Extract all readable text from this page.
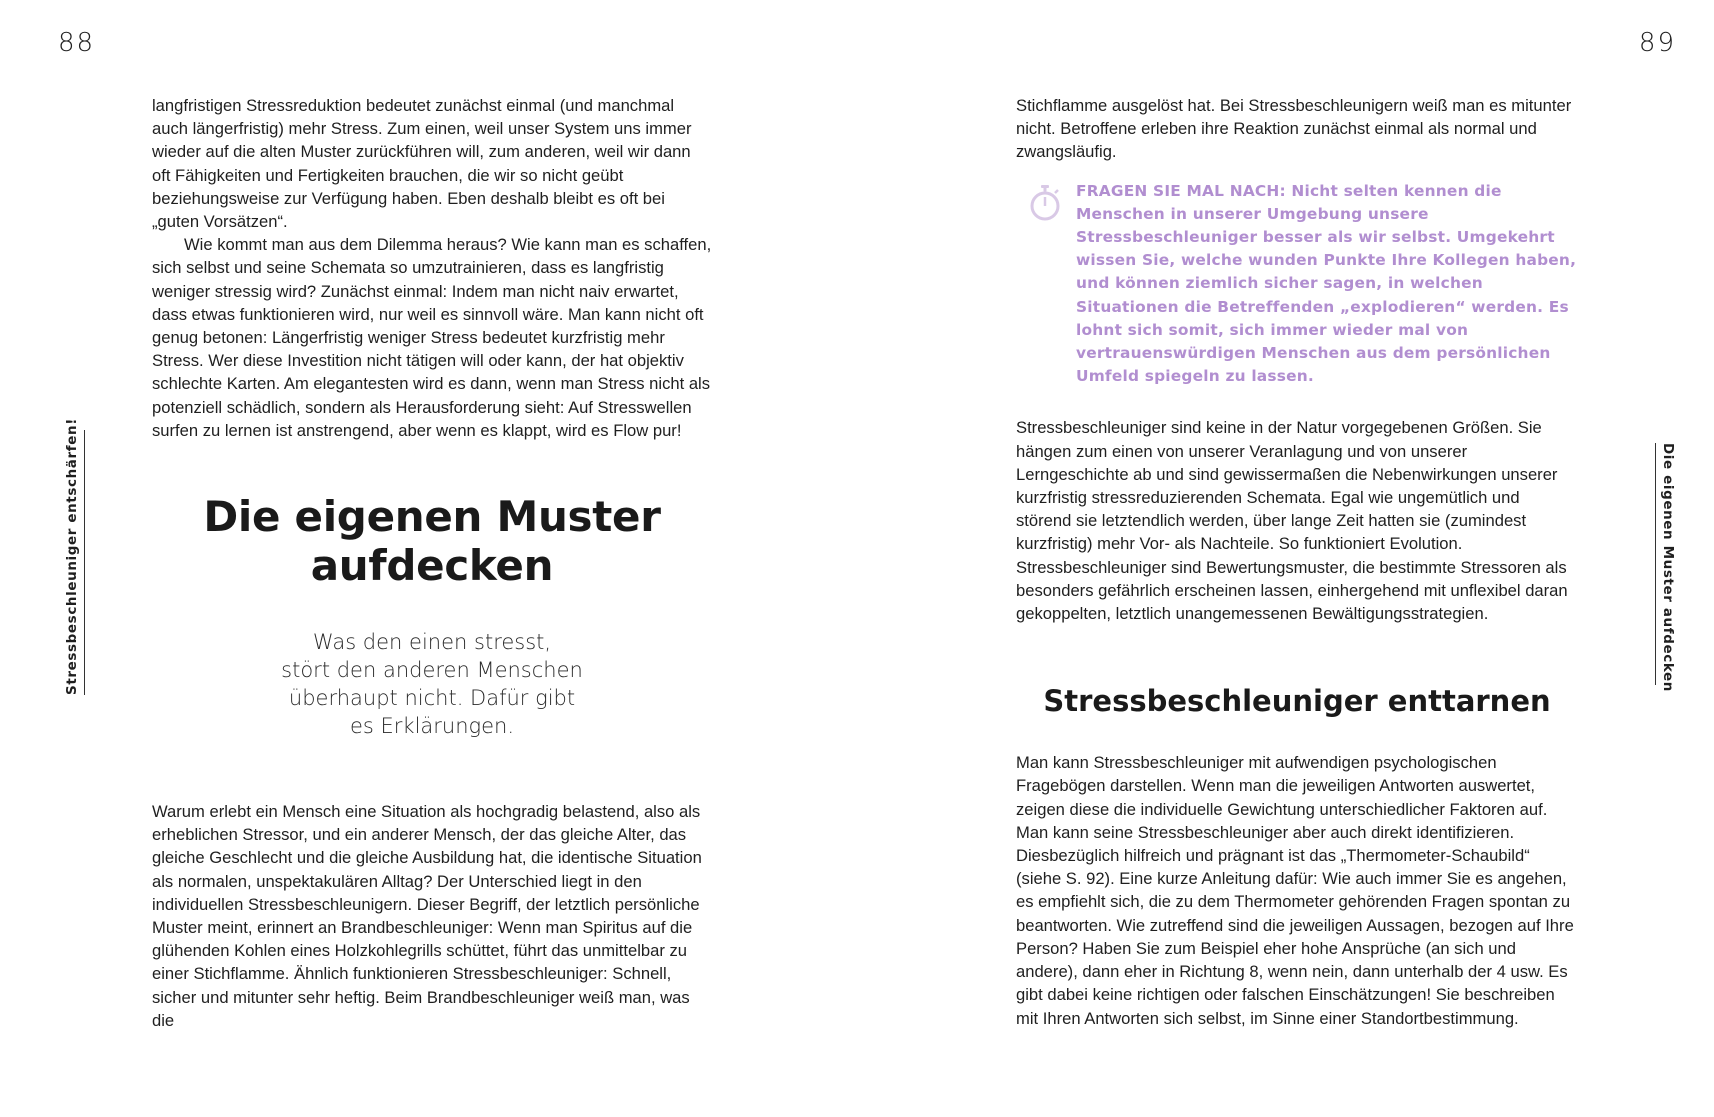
88	89
Stressbeschleuniger entschärfen!	Die eigenen Muster aufdecken

langfristigen Stressreduktion bedeutet zunächst einmal (und manchmal auch längerfristig) mehr Stress. Zum einen, weil unser System uns immer wieder auf die alten Muster zurückführen will, zum anderen, weil wir dann oft Fähigkeiten und Fertigkeiten brauchen, die wir so nicht geübt beziehungsweise zur Verfügung haben. Eben deshalb bleibt es oft bei „guten Vorsätzen“.

Wie kommt man aus dem Dilemma heraus? Wie kann man es schaffen, sich selbst und seine Schemata so umzutrainieren, dass es langfristig weniger stressig wird? Zunächst einmal: Indem man nicht naiv erwartet, dass etwas funktionieren wird, nur weil es sinnvoll wäre. Man kann nicht oft genug betonen: Längerfristig weniger Stress bedeutet kurzfristig mehr Stress. Wer diese Investition nicht tätigen will oder kann, der hat objektiv schlechte Karten. Am elegantesten wird es dann, wenn man Stress nicht als potenziell schädlich, sondern als Herausforderung sieht: Auf Stresswellen surfen zu lernen ist anstrengend, aber wenn es klappt, wird es Flow pur!

Die eigenen Muster
aufdecken
Was den einen stresst,
stört den anderen Menschen
überhaupt nicht. Dafür gibt
es Erklärungen.

Warum erlebt ein Mensch eine Situation als hochgradig belastend, also als erheblichen Stressor, und ein anderer Mensch, der das gleiche Alter, das gleiche Geschlecht und die gleiche Ausbildung hat, die identische Situation als normalen, unspektakulären Alltag? Der Unterschied liegt in den individuellen Stressbeschleunigern. Dieser Begriff, der letztlich persönliche Muster meint, erinnert an Brandbeschleuniger: Wenn man Spiritus auf die glühenden Kohlen eines Holzkohlegrills schüttet, führt das unmittelbar zu einer Stichflamme. Ähnlich funktionieren Stressbeschleuniger: Schnell, sicher und mitunter sehr heftig. Beim Brandbeschleuniger weiß man, was die

Stichflamme ausgelöst hat. Bei Stressbeschleunigern weiß man es mitunter nicht. Betroffene erleben ihre Reaktion zunächst einmal als normal und zwangsläufig.

FRAGEN SIE MAL NACH: Nicht selten kennen die Menschen in unserer Umgebung unsere Stressbeschleuniger besser als wir selbst. Umgekehrt wissen Sie, welche wunden Punkte Ihre Kollegen haben, und können ziemlich sicher sagen, in welchen Situationen die Betreffenden „explodieren“ werden. Es lohnt sich somit, sich immer wieder mal von vertrauenswürdigen Menschen aus dem persönlichen Umfeld spiegeln zu lassen.

Stressbeschleuniger sind keine in der Natur vorgegebenen Größen. Sie hängen zum einen von unserer Veranlagung und von unserer Lerngeschichte ab und sind gewissermaßen die Nebenwirkungen unserer kurzfristig stressreduzierenden Schemata. Egal wie ungemütlich und störend sie letztendlich werden, über lange Zeit hatten sie (zumindest kurzfristig) mehr Vor- als Nachteile. So funktioniert Evolution. Stressbeschleuniger sind Bewertungsmuster, die bestimmte Stressoren als besonders gefährlich erscheinen lassen, einhergehend mit unflexibel daran gekoppelten, letztlich unangemessenen Bewältigungsstrategien.

Stressbeschleuniger enttarnen

Man kann Stressbeschleuniger mit aufwendigen psychologischen Fragebögen darstellen. Wenn man die jeweiligen Antworten auswertet, zeigen diese die individuelle Gewichtung unterschiedlicher Faktoren auf. Man kann seine Stressbeschleuniger aber auch direkt identifizieren. Diesbezüglich hilfreich und prägnant ist das „Thermometer-Schaubild“ (siehe S. 92). Eine kurze Anleitung dafür: Wie auch immer Sie es angehen, es empfiehlt sich, die zu dem Thermometer gehörenden Fragen spontan zu beantworten. Wie zutreffend sind die jeweiligen Aussagen, bezogen auf Ihre Person? Haben Sie zum Beispiel eher hohe Ansprüche (an sich und andere), dann eher in Richtung 8, wenn nein, dann unterhalb der 4 usw. Es gibt dabei keine richtigen oder falschen Einschätzungen! Sie beschreiben mit Ihren Antworten sich selbst, im Sinne einer Standortbestimmung.
